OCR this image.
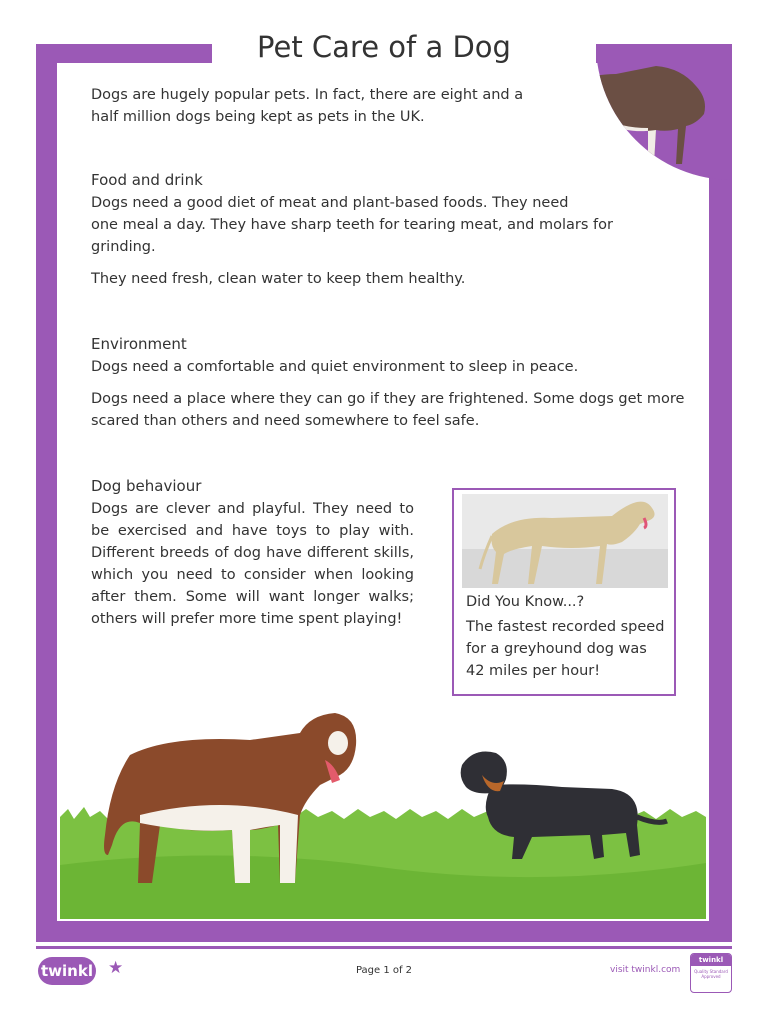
Pet Care of a Dog

Dogs are hugely popular pets. In fact, there are eight and a half million dogs being kept as pets in the UK.

Food and drink

Dogs need a good diet of meat and plant-based foods. They need

one meal a day. They have sharp teeth for tearing meat, and molars for

grinding.

They need fresh, clean water to keep them healthy.

Environment

Dogs need a comfortable and quiet environment to sleep in peace.

Dogs need a place where they can go if they are frightened. Some dogs get more

scared than others and need somewhere to feel safe.

Dog behaviour

Dogs are clever and playful. They need to be exercised and have toys to play with. Different breeds of dog have different skills, which you need to consider when looking after them. Some will want longer walks; others will prefer more time spent playing!

Did You Know...?
The fastest recorded speed for a greyhound dog was 42 miles per hour!
twinkl ★	Page 1 of 2	visit twinkl.com
twinkl
Quality Standard Approved
